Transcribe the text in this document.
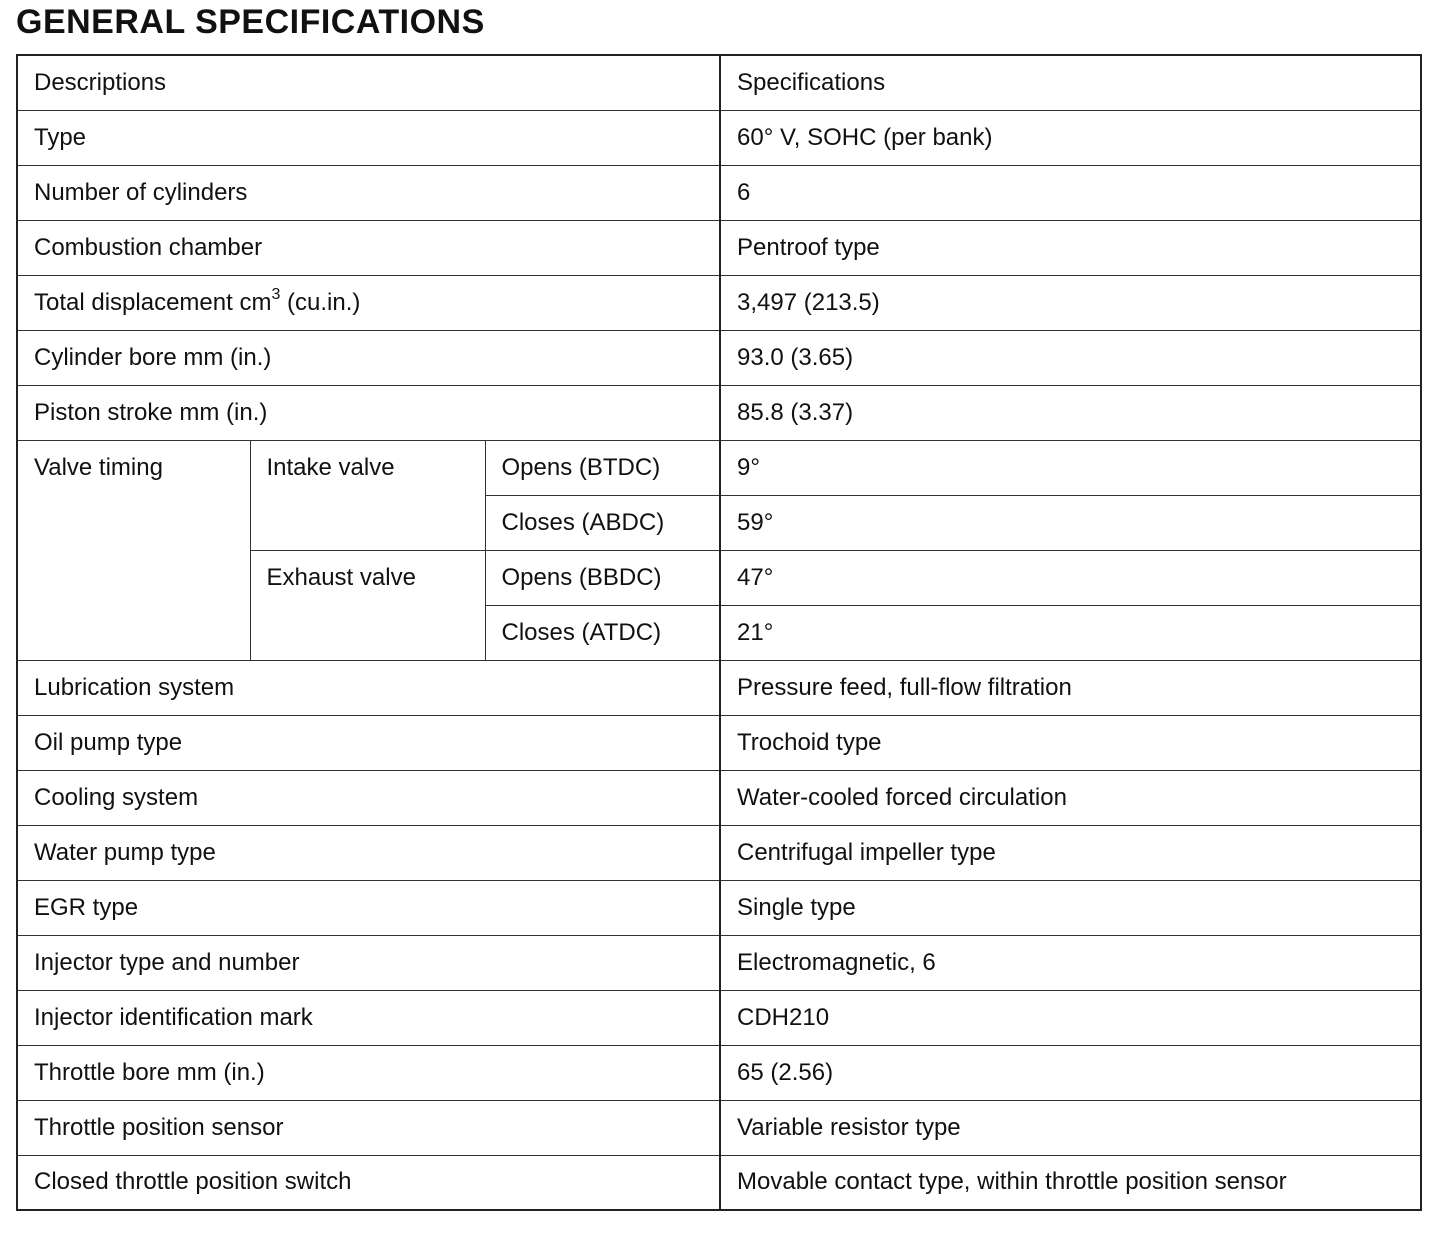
GENERAL SPECIFICATIONS
Descriptions			Specifications
Type			60° V, SOHC (per bank)
Number of cylinders			6
Combustion chamber			Pentroof type
Total displacement $cm^3$ (cu.in.)			3,497 (213.5)
Cylinder bore mm (in.)			93.0 (3.65)
Piston stroke mm (in.)			85.8 (3.37)
Valve timing	Intake valve	Opens (BTDC)	9°
		Closes (ABDC)	59°
	Exhaust valve	Opens (BBDC)	47°
		Closes (ATDC)	21°
Lubrication system			Pressure feed, full-flow filtration
Oil pump type			Trochoid type
Cooling system			Water-cooled forced circulation
Water pump type			Centrifugal impeller type
EGR type			Single type
Injector type and number			Electromagnetic, 6
Injector identification mark			CDH210
Throttle bore mm (in.)			65 (2.56)
Throttle position sensor			Variable resistor type
Closed throttle position switch			Movable contact type, within throttle position sensor
